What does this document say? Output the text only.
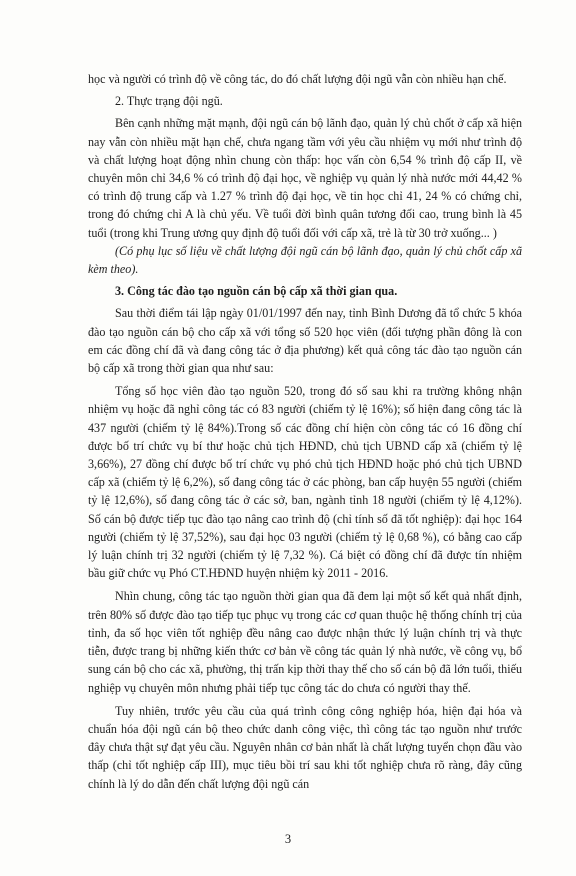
học và người có trình độ về công tác, do đó chất lượng đội ngũ vẫn còn nhiều hạn chế.

2. Thực trạng đội ngũ.

Bên cạnh những mặt mạnh, đội ngũ cán bộ lãnh đạo, quản lý chủ chốt ở cấp xã hiện nay vẫn còn nhiều mặt hạn chế, chưa ngang tầm với yêu cầu nhiệm vụ mới như trình độ và chất lượng hoạt động nhìn chung còn thấp: học vấn còn 6,54 % trình độ cấp II, về chuyên môn chỉ 34,6 % có trình độ đại học, về nghiệp vụ quản lý nhà nước mới 44,42 % có trình độ trung cấp và 1.27 % trình độ đại học, về tin học chỉ 41, 24 % có chứng chỉ, trong đó chứng chỉ A là chủ yếu. Về tuổi đời bình quân tương đối cao, trung bình là 45 tuổi (trong khi Trung ương quy định độ tuổi đối với cấp xã, trẻ là từ 30 trở xuống... )

(Có phụ lục số liệu về chất lượng đội ngũ cán bộ lãnh đạo, quản lý chủ chốt cấp xã kèm theo).

3. Công tác đào tạo nguồn cán bộ cấp xã thời gian qua.

Sau thời điểm tái lập ngày 01/01/1997 đến nay, tỉnh Bình Dương đã tổ chức 5 khóa đào tạo nguồn cán bộ cho cấp xã với tổng số 520 học viên (đối tượng phần đông là con em các đồng chí đã và đang công tác ở địa phương) kết quả công tác đào tạo nguồn cán bộ cấp xã trong thời gian qua như sau:

Tổng số học viên đào tạo nguồn 520, trong đó số sau khi ra trường không nhận nhiệm vụ hoặc đã nghỉ công tác có 83 người (chiếm tỷ lệ 16%); số hiện đang công tác là 437 người (chiếm tỷ lệ 84%).Trong số các đồng chí hiện còn công tác có 16 đồng chí được bố trí chức vụ bí thư hoặc chủ tịch HĐND, chủ tịch UBND cấp xã (chiếm tỷ lệ 3,66%), 27 đồng chí được bố trí chức vụ phó chủ tịch HĐND hoặc phó chủ tịch UBND cấp xã (chiếm tỷ lệ 6,2%), số đang công tác ở các phòng, ban cấp huyện 55 người (chiếm tỷ lệ 12,6%), số đang công tác ở các sở, ban, ngành tỉnh 18 người (chiếm tỷ lệ 4,12%). Số cán bộ được tiếp tục đào tạo nâng cao trình độ (chỉ tính số đã tốt nghiệp): đại học 164 người (chiếm tỷ lệ 37,52%), sau đại học 03 người (chiếm tỷ lệ 0,68 %), có bằng cao cấp lý luận chính trị 32 người (chiếm tỷ lệ 7,32 %). Cá biệt có đồng chí đã được tín nhiệm bầu giữ chức vụ Phó CT.HĐND huyện nhiệm kỳ 2011 - 2016.

Nhìn chung, công tác tạo nguồn thời gian qua đã đem lại một số kết quả nhất định, trên 80% số được đào tạo tiếp tục phục vụ trong các cơ quan thuộc hệ thống chính trị của tỉnh, đa số học viên tốt nghiệp đều nâng cao được nhận thức lý luận chính trị và thực tiễn, được trang bị những kiến thức cơ bản về công tác quản lý nhà nước, về công vụ, bổ sung cán bộ cho các xã, phường, thị trấn kịp thời thay thế cho số cán bộ đã lớn tuổi, thiếu nghiệp vụ chuyên môn nhưng phải tiếp tục công tác do chưa có người thay thế.

Tuy nhiên, trước yêu cầu của quá trình công công nghiệp hóa, hiện đại hóa và chuẩn hóa đội ngũ cán bộ theo chức danh công việc, thì công tác tạo nguồn như trước đây chưa thật sự đạt yêu cầu. Nguyên nhân cơ bản nhất là chất lượng tuyển chọn đầu vào thấp (chỉ tốt nghiệp cấp III), mục tiêu bồi trí sau khi tốt nghiệp chưa rõ ràng, đây cũng chính là lý do dẫn đến chất lượng đội ngũ cán

3
